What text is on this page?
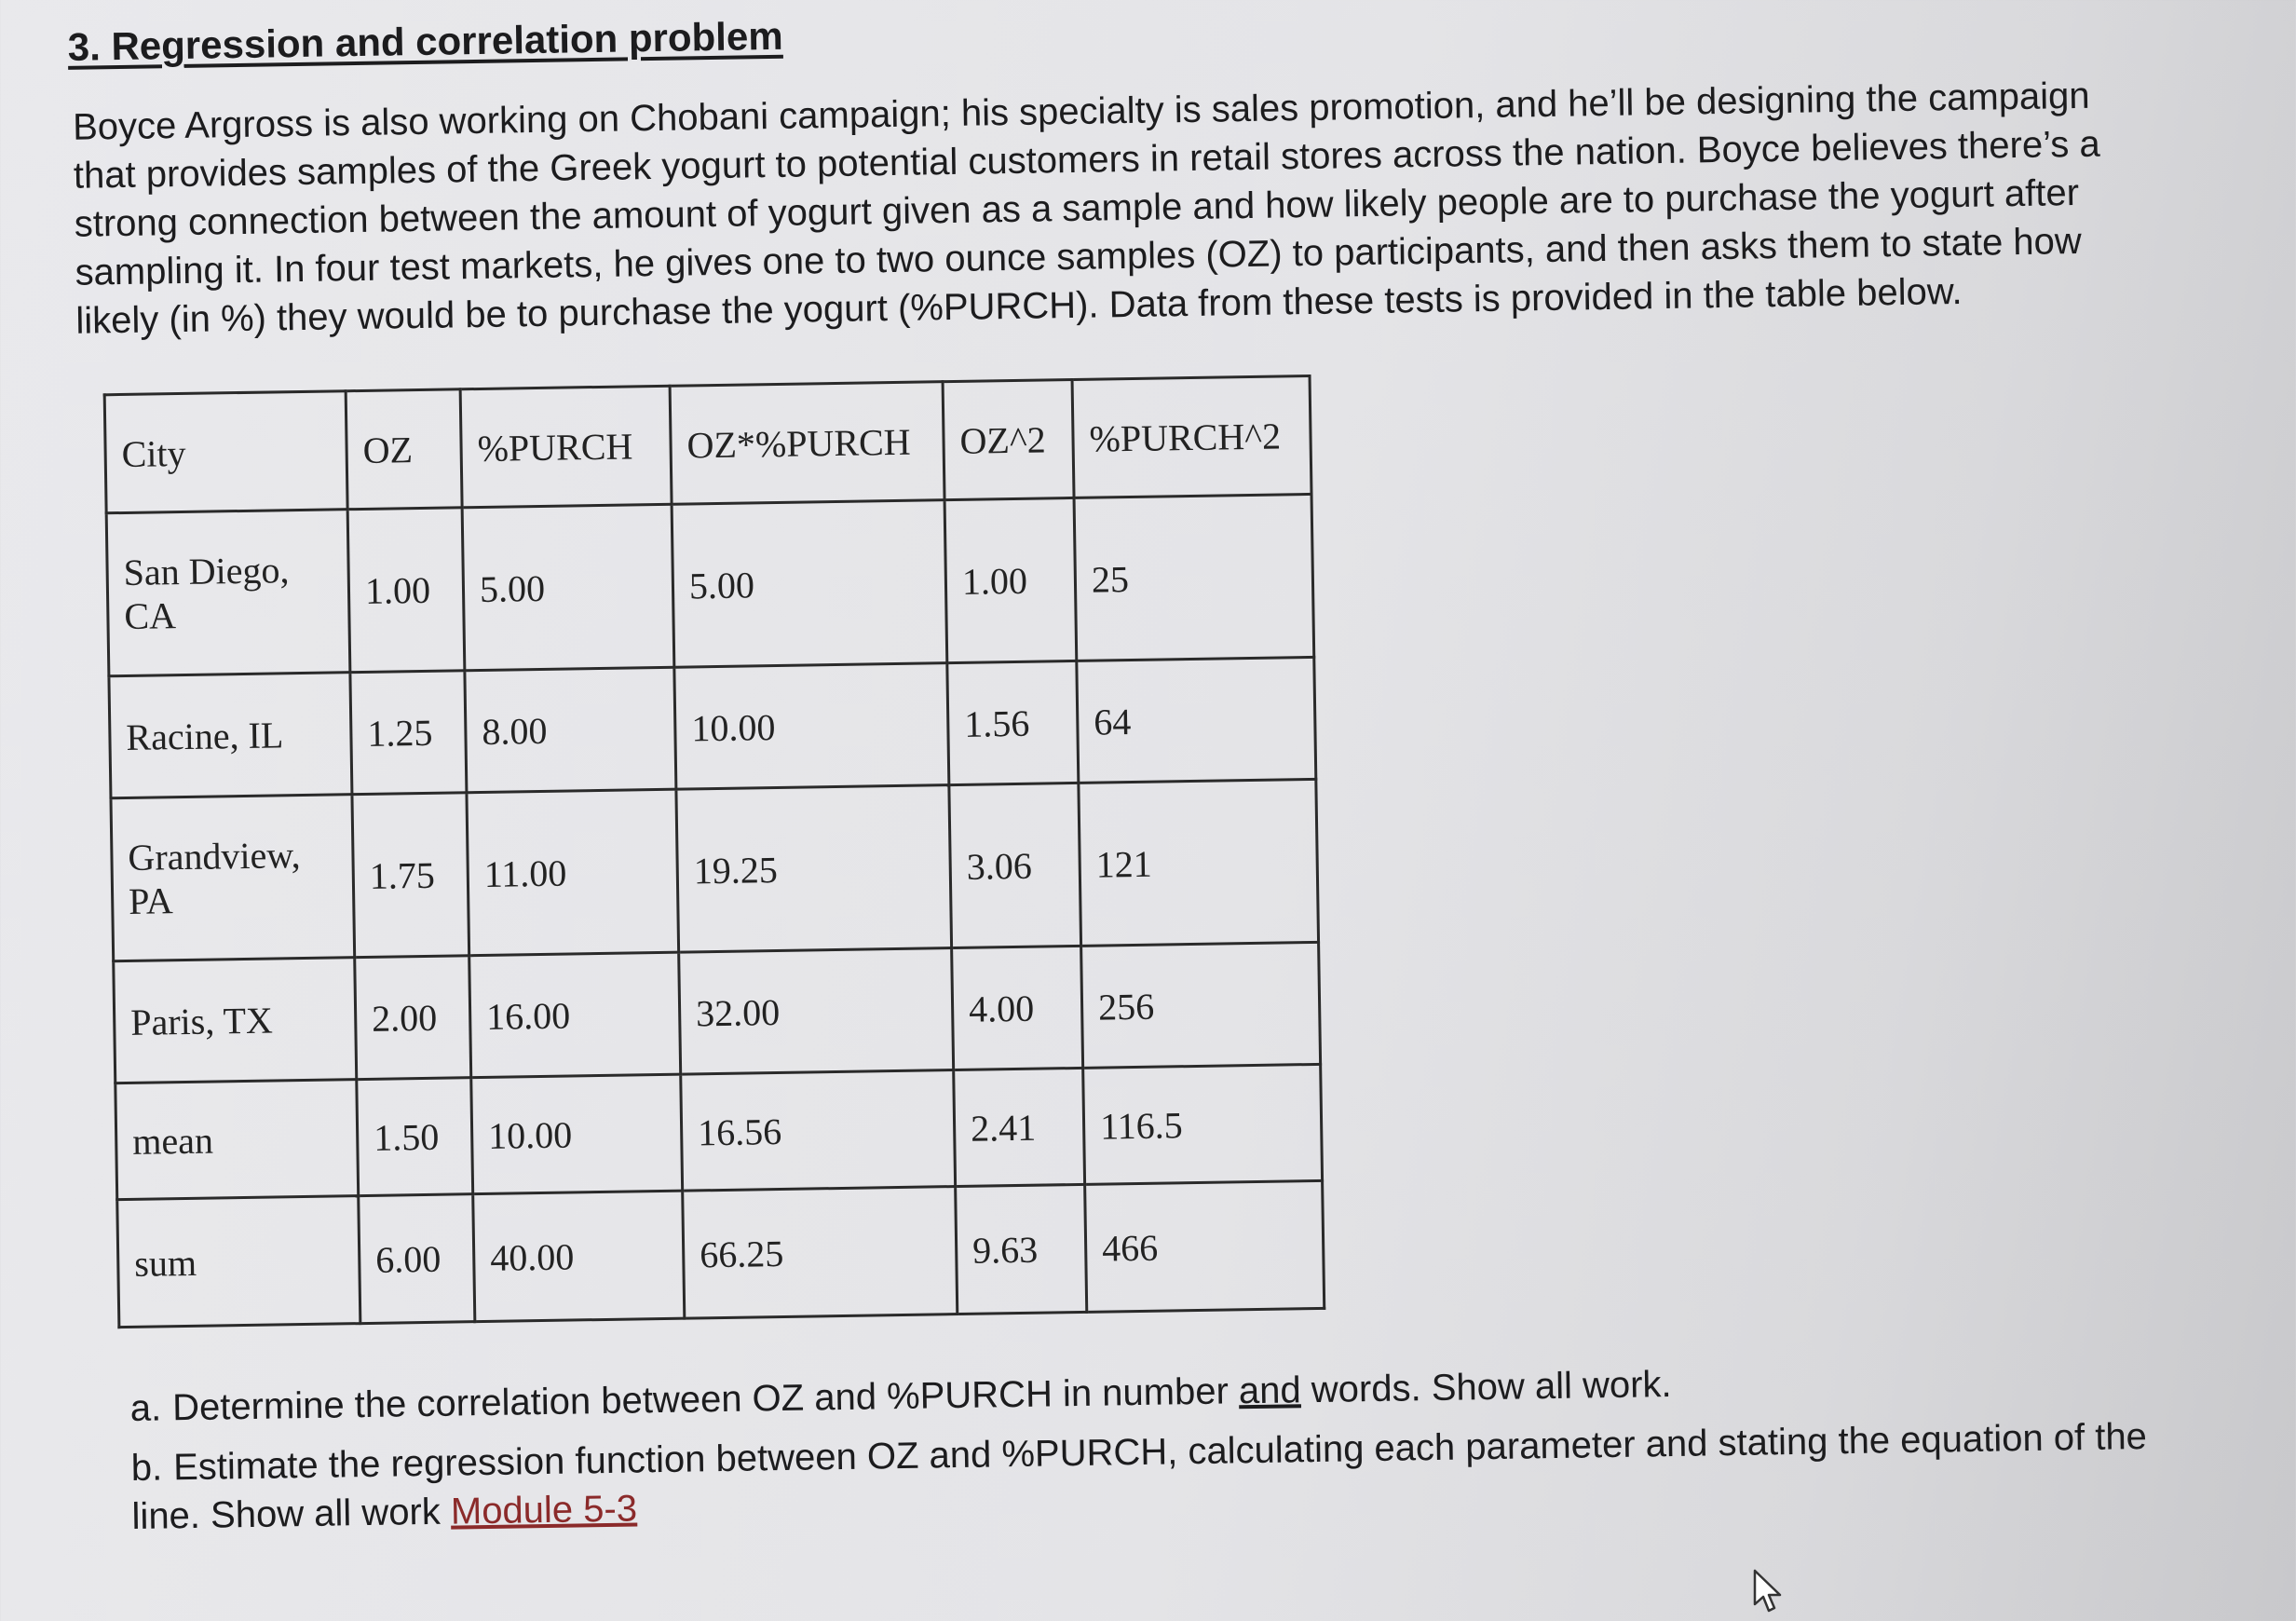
3. Regression and correlation problem

Boyce Argross is also working on Chobani campaign; his specialty is sales promotion, and he’ll be designing the campaign that provides samples of the Greek yogurt to potential customers in retail stores across the nation. Boyce believes there’s a strong connection between the amount of yogurt given as a sample and how likely people are to purchase the yogurt after sampling it. In four test markets, he gives one to two ounce samples (OZ) to participants, and then asks them to state how likely (in %) they would be to purchase the yogurt (%PURCH). Data from these tests is provided in the table below.

City	OZ	%PURCH	OZ*%PURCH	OZ^2	%PURCH^2
San Diego, CA	1.00	5.00	5.00	1.00	25
Racine, IL	1.25	8.00	10.00	1.56	64
Grandview, PA	1.75	11.00	19.25	3.06	121
Paris, TX	2.00	16.00	32.00	4.00	256
mean	1.50	10.00	16.56	2.41	116.5
sum	6.00	40.00	66.25	9.63	466
a. Determine the correlation between OZ and %PURCH in number and words. Show all work.
b. Estimate the regression function between OZ and %PURCH, calculating each parameter and stating the equation of the line. Show all work Module 5-3
